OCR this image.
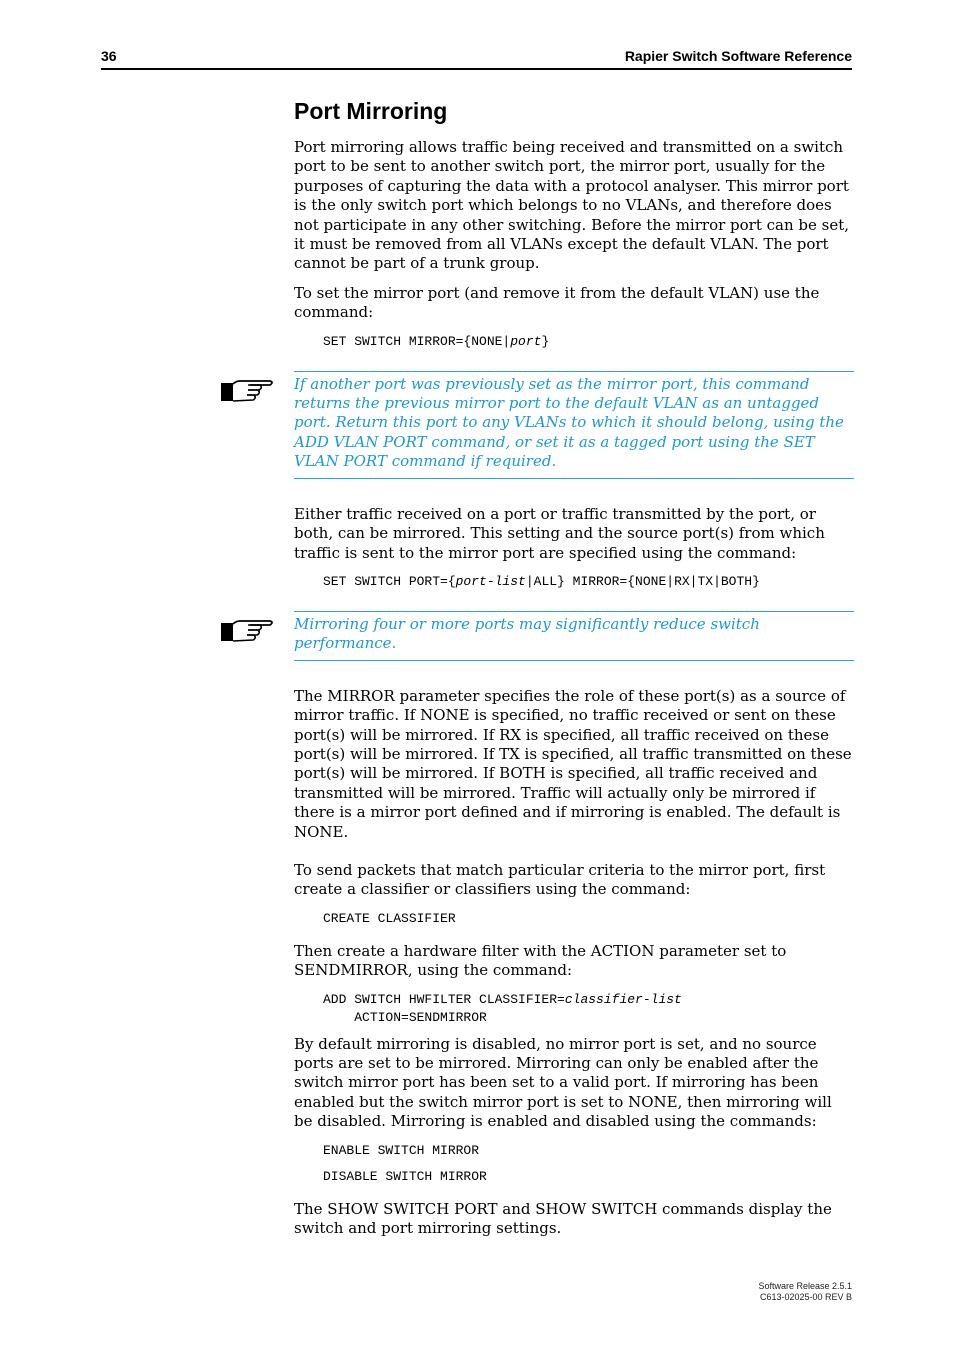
36	Rapier Switch Software Reference
Port Mirroring

Port mirroring allows traffic being received and transmitted on a switch port to be sent to another switch port, the mirror port, usually for the purposes of capturing the data with a protocol analyser. This mirror port is the only switch port which belongs to no VLANs, and therefore does not participate in any other switching. Before the mirror port can be set, it must be removed from all VLANs except the default VLAN. The port cannot be part of a trunk group.

To set the mirror port (and remove it from the default VLAN) use the command:

SET SWITCH MIRROR={NONE|port}
If another port was previously set as the mirror port, this command returns the previous mirror port to the default VLAN as an untagged port. Return this port to any VLANs to which it should belong, using the ADD VLAN PORT command, or set it as a tagged port using the SET VLAN PORT command if required.

Either traffic received on a port or traffic transmitted by the port, or both, can be mirrored. This setting and the source port(s) from which traffic is sent to the mirror port are specified using the command:

SET SWITCH PORT={port-list|ALL} MIRROR={NONE|RX|TX|BOTH}
Mirroring four or more ports may significantly reduce switch performance.

The MIRROR parameter specifies the role of these port(s) as a source of mirror traffic. If NONE is specified, no traffic received or sent on these port(s) will be mirrored. If RX is specified, all traffic received on these port(s) will be mirrored. If TX is specified, all traffic transmitted on these port(s) will be mirrored. If BOTH is specified, all traffic received and transmitted will be mirrored. Traffic will actually only be mirrored if there is a mirror port defined and if mirroring is enabled. The default is NONE.

To send packets that match particular criteria to the mirror port, first create a classifier or classifiers using the command:

CREATE CLASSIFIER

Then create a hardware filter with the ACTION parameter set to SENDMIRROR, using the command:

ADD SWITCH HWFILTER CLASSIFIER=classifier-list
ACTION=SENDMIRROR

By default mirroring is disabled, no mirror port is set, and no source ports are set to be mirrored. Mirroring can only be enabled after the switch mirror port has been set to a valid port. If mirroring has been enabled but the switch mirror port is set to NONE, then mirroring will be disabled. Mirroring is enabled and disabled using the commands:

ENABLE SWITCH MIRROR
DISABLE SWITCH MIRROR

The SHOW SWITCH PORT and SHOW SWITCH commands display the switch and port mirroring settings.

Software Release 2.5.1
C613-02025-00 REV B
